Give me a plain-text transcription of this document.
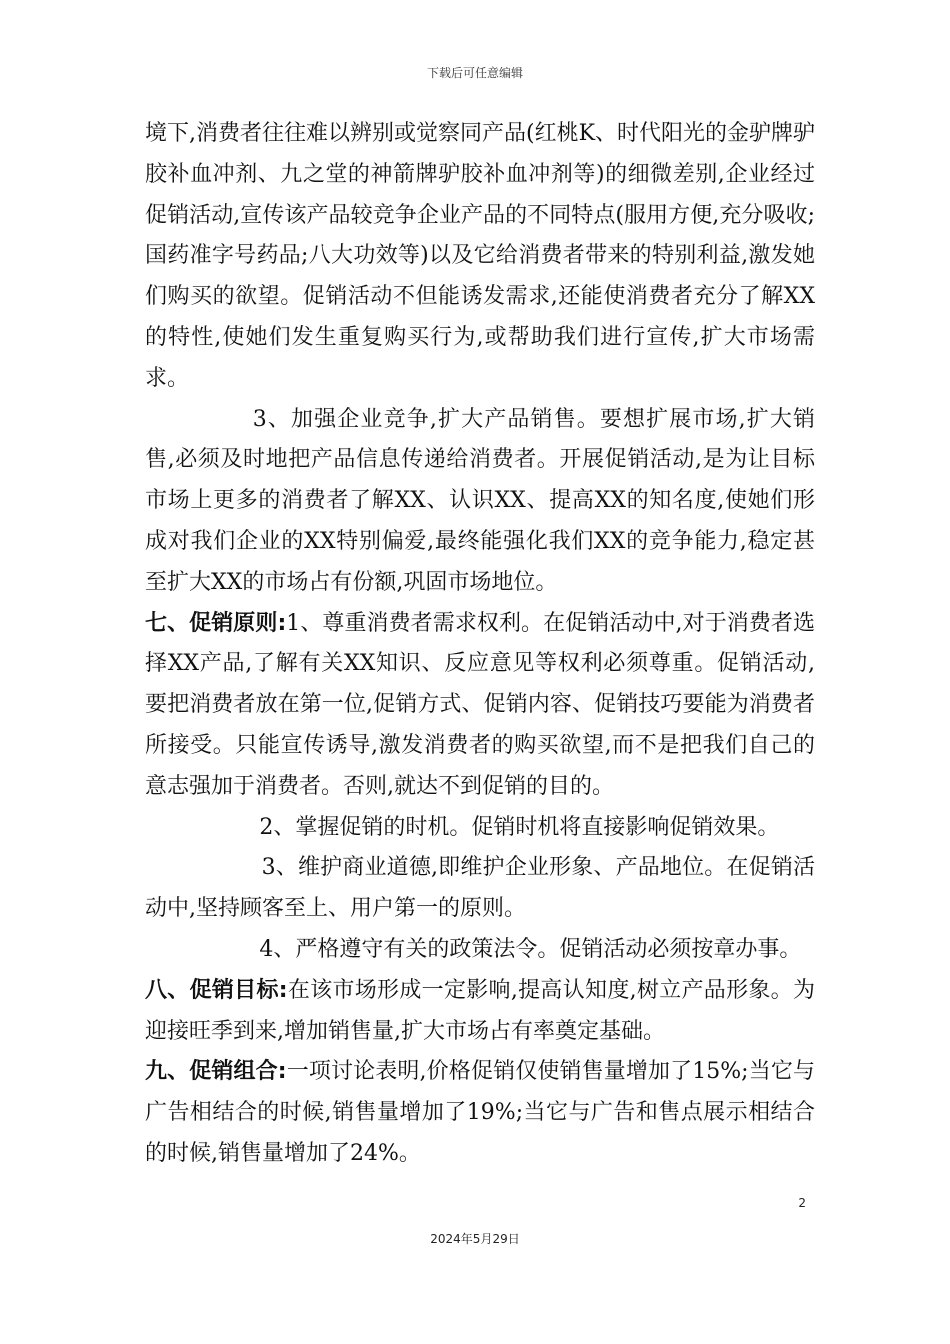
下载后可任意编辑

境下,消费者往往难以辨别或觉察同产品(红桃K、时代阳光的金驴牌驴胶补血冲剂、九之堂的神箭牌驴胶补血冲剂等)的细微差别,企业经过促销活动,宣传该产品较竞争企业产品的不同特点(服用方便,充分吸收;国药准字号药品;八大功效等)以及它给消费者带来的特别利益,激发她们购买的欲望。促销活动不但能诱发需求,还能使消费者充分了解XX的特性,使她们发生重复购买行为,或帮助我们进行宣传,扩大市场需求。

3、加强企业竞争,扩大产品销售。要想扩展市场,扩大销售,必须及时地把产品信息传递给消费者。开展促销活动,是为让目标市场上更多的消费者了解XX、认识XX、提高XX的知名度,使她们形成对我们企业的XX特别偏爱,最终能强化我们XX的竞争能力,稳定甚至扩大XX的市场占有份额,巩固市场地位。

七、促销原则:1、尊重消费者需求权利。在促销活动中,对于消费者选择XX产品,了解有关XX知识、反应意见等权利必须尊重。促销活动,要把消费者放在第一位,促销方式、促销内容、促销技巧要能为消费者所接受。只能宣传诱导,激发消费者的购买欲望,而不是把我们自己的意志强加于消费者。否则,就达不到促销的目的。

2、掌握促销的时机。促销时机将直接影响促销效果。

3、维护商业道德,即维护企业形象、产品地位。在促销活动中,坚持顾客至上、用户第一的原则。

4、严格遵守有关的政策法令。促销活动必须按章办事。

八、促销目标:在该市场形成一定影响,提高认知度,树立产品形象。为迎接旺季到来,增加销售量,扩大市场占有率奠定基础。

九、促销组合:一项讨论表明,价格促销仅使销售量增加了15%;当它与广告相结合的时候,销售量增加了19%;当它与广告和售点展示相结合的时候,销售量增加了24%。

2
2024年5月29日
